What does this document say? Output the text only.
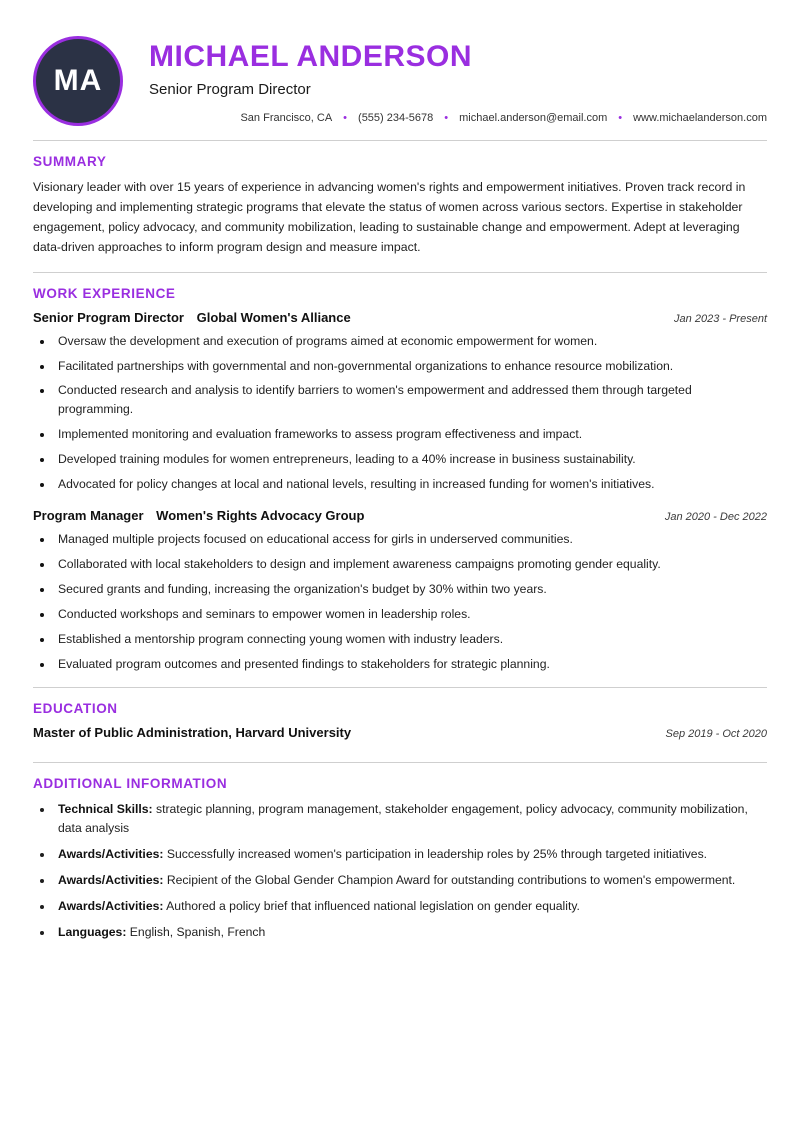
MA
MICHAEL ANDERSON
Senior Program Director
San Francisco, CA	•	(555) 234-5678	•	michael.anderson@email.com	•	www.michaelanderson.com
SUMMARY

Visionary leader with over 15 years of experience in advancing women's rights and empowerment initiatives. Proven track record in developing and implementing strategic programs that elevate the status of women across various sectors. Expertise in stakeholder engagement, policy advocacy, and community mobilization, leading to sustainable change and empowerment. Adept at leveraging data-driven approaches to inform program design and measure impact.

WORK EXPERIENCE
Senior Program Director Global Women's Alliance	Jan 2023 - Present
• Oversaw the development and execution of programs aimed at economic empowerment for women.
• Facilitated partnerships with governmental and non-governmental organizations to enhance resource mobilization.
• Conducted research and analysis to identify barriers to women's empowerment and addressed them through targeted programming.
• Implemented monitoring and evaluation frameworks to assess program effectiveness and impact.
• Developed training modules for women entrepreneurs, leading to a 40% increase in business sustainability.
• Advocated for policy changes at local and national levels, resulting in increased funding for women's initiatives.
Program Manager Women's Rights Advocacy Group	Jan 2020 - Dec 2022
• Managed multiple projects focused on educational access for girls in underserved communities.
• Collaborated with local stakeholders to design and implement awareness campaigns promoting gender equality.
• Secured grants and funding, increasing the organization's budget by 30% within two years.
• Conducted workshops and seminars to empower women in leadership roles.
• Established a mentorship program connecting young women with industry leaders.
• Evaluated program outcomes and presented findings to stakeholders for strategic planning.
EDUCATION
Master of Public Administration, Harvard University	Sep 2019 - Oct 2020
ADDITIONAL INFORMATION
• Technical Skills: strategic planning, program management, stakeholder engagement, policy advocacy, community mobilization, data analysis
• Awards/Activities: Successfully increased women's participation in leadership roles by 25% through targeted initiatives.
• Awards/Activities: Recipient of the Global Gender Champion Award for outstanding contributions to women's empowerment.
• Awards/Activities: Authored a policy brief that influenced national legislation on gender equality.
• Languages: English, Spanish, French
